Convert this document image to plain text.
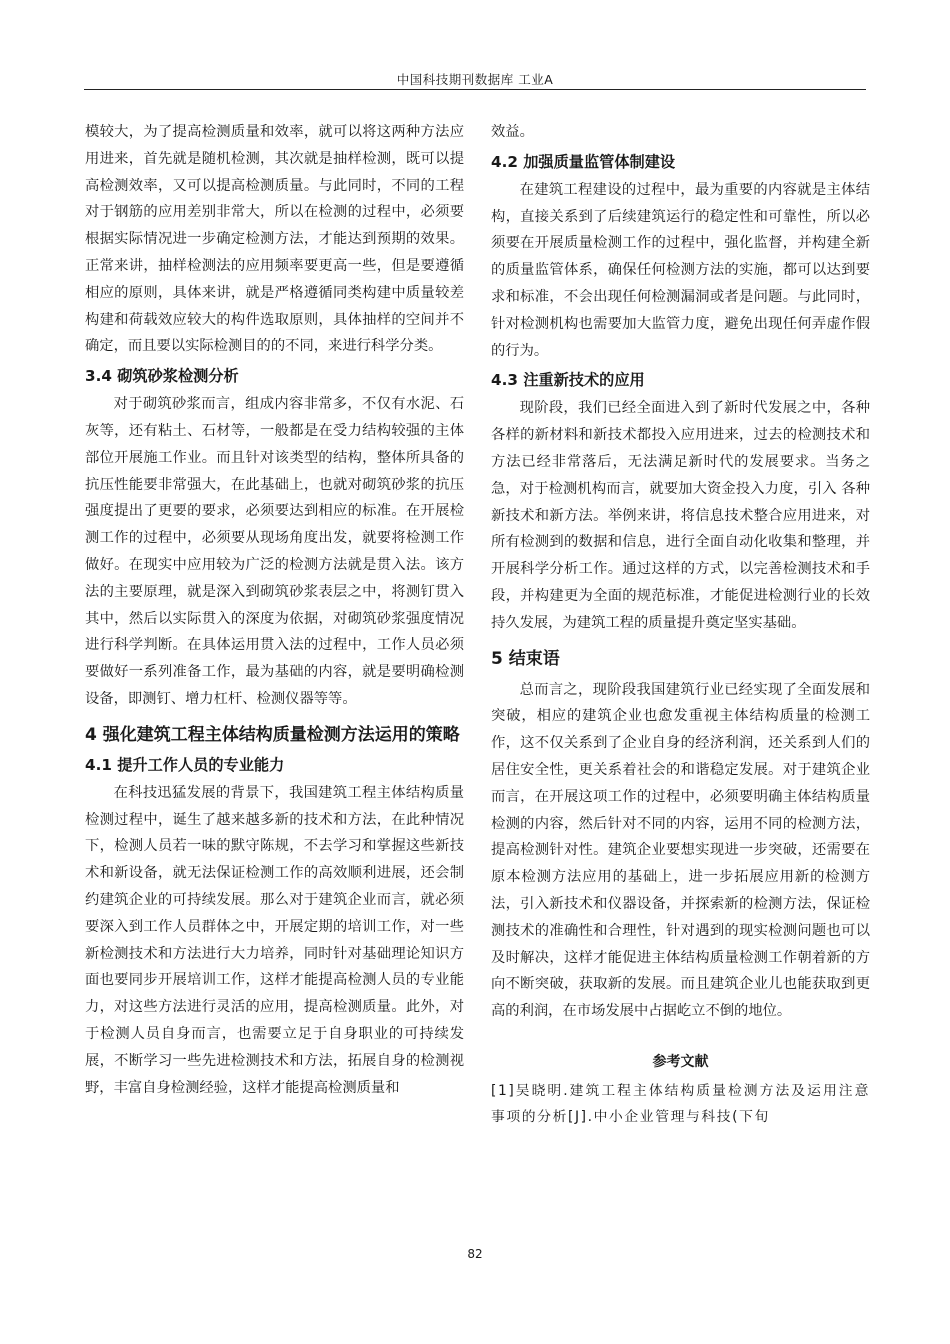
中国科技期刊数据库 工业A

模较大，为了提高检测质量和效率，就可以将这两种方法应用进来，首先就是随机检测，其次就是抽样检测，既可以提高检测效率，又可以提高检测质量。与此同时，不同的工程对于钢筋的应用差别非常大，所以在检测的过程中，必须要根据实际情况进一步确定检测方法，才能达到预期的效果。正常来讲，抽样检测法的应用频率要更高一些，但是要遵循相应的原则，具体来讲，就是严格遵循同类构建中质量较差构建和荷载效应较大的构件选取原则，具体抽样的空间并不确定，而且要以实际检测目的的不同，来进行科学分类。

3.4 砌筑砂浆检测分析

对于砌筑砂浆而言，组成内容非常多，不仅有水泥、石灰等，还有粘土、石材等，一般都是在受力结构较强的主体部位开展施工作业。而且针对该类型的结构，整体所具备的抗压性能要非常强大，在此基础上，也就对砌筑砂浆的抗压强度提出了更要的要求，必须要达到相应的标准。在开展检测工作的过程中，必须要从现场角度出发，就要将检测工作做好。在现实中应用较为广泛的检测方法就是贯入法。该方法的主要原理，就是深入到砌筑砂浆表层之中，将测钉贯入其中，然后以实际贯入的深度为依据，对砌筑砂浆强度情况进行科学判断。在具体运用贯入法的过程中，工作人员必须要做好一系列准备工作，最为基础的内容，就是要明确检测设备，即测钉、增力杠杆、检测仪器等等。

4 强化建筑工程主体结构质量检测方法运用的策略
4.1 提升工作人员的专业能力

在科技迅猛发展的背景下，我国建筑工程主体结构质量检测过程中，诞生了越来越多新的技术和方法，在此种情况下，检测人员若一味的默守陈规，不去学习和掌握这些新技术和新设备，就无法保证检测工作的高效顺利进展，还会制约建筑企业的可持续发展。那么对于建筑企业而言，就必须要深入到工作人员群体之中，开展定期的培训工作，对一些新检测技术和方法进行大力培养，同时针对基础理论知识方面也要同步开展培训工作，这样才能提高检测人员的专业能力，对这些方法进行灵活的应用，提高检测质量。此外，对于检测人员自身而言，也需要立足于自身职业的可持续发展，不断学习一些先进检测技术和方法，拓展自身的检测视野，丰富自身检测经验，这样才能提高检测质量和

效益。

4.2 加强质量监管体制建设

在建筑工程建设的过程中，最为重要的内容就是主体结构，直接关系到了后续建筑运行的稳定性和可靠性，所以必须要在开展质量检测工作的过程中，强化监督，并构建全新的质量监管体系，确保任何检测方法的实施，都可以达到要求和标准，不会出现任何检测漏洞或者是问题。与此同时，针对检测机构也需要加大监管力度，避免出现任何弄虚作假的行为。

4.3 注重新技术的应用

现阶段，我们已经全面进入到了新时代发展之中，各种各样的新材料和新技术都投入应用进来，过去的检测技术和方法已经非常落后，无法满足新时代的发展要求。当务之急，对于检测机构而言，就要加大资金投入力度，引入 各种新技术和新方法。举例来讲，将信息技术整合应用进来，对所有检测到的数据和信息，进行全面自动化收集和整理，并开展科学分析工作。通过这样的方式，以完善检测技术和手段，并构建更为全面的规范标准，才能促进检测行业的长效持久发展，为建筑工程的质量提升奠定坚实基础。

5 结束语

总而言之，现阶段我国建筑行业已经实现了全面发展和突破，相应的建筑企业也愈发重视主体结构质量的检测工作，这不仅关系到了企业自身的经济利润，还关系到人们的居住安全性，更关系着社会的和谐稳定发展。对于建筑企业而言，在开展这项工作的过程中，必须要明确主体结构质量检测的内容，然后针对不同的内容，运用不同的检测方法，提高检测针对性。建筑企业要想实现进一步突破，还需要在原本检测方法应用的基础上，进一步拓展应用新的检测方法，引入新技术和仪器设备，并探索新的检测方法，保证检测技术的准确性和合理性，针对遇到的现实检测问题也可以及时解决，这样才能促进主体结构质量检测工作朝着新的方向不断突破，获取新的发展。而且建筑企业儿也能获取到更高的利润，在市场发展中占据屹立不倒的地位。

参考文献

[1]吴晓明.建筑工程主体结构质量检测方法及运用注意事项的分析[J].中小企业管理与科技(下旬

82
